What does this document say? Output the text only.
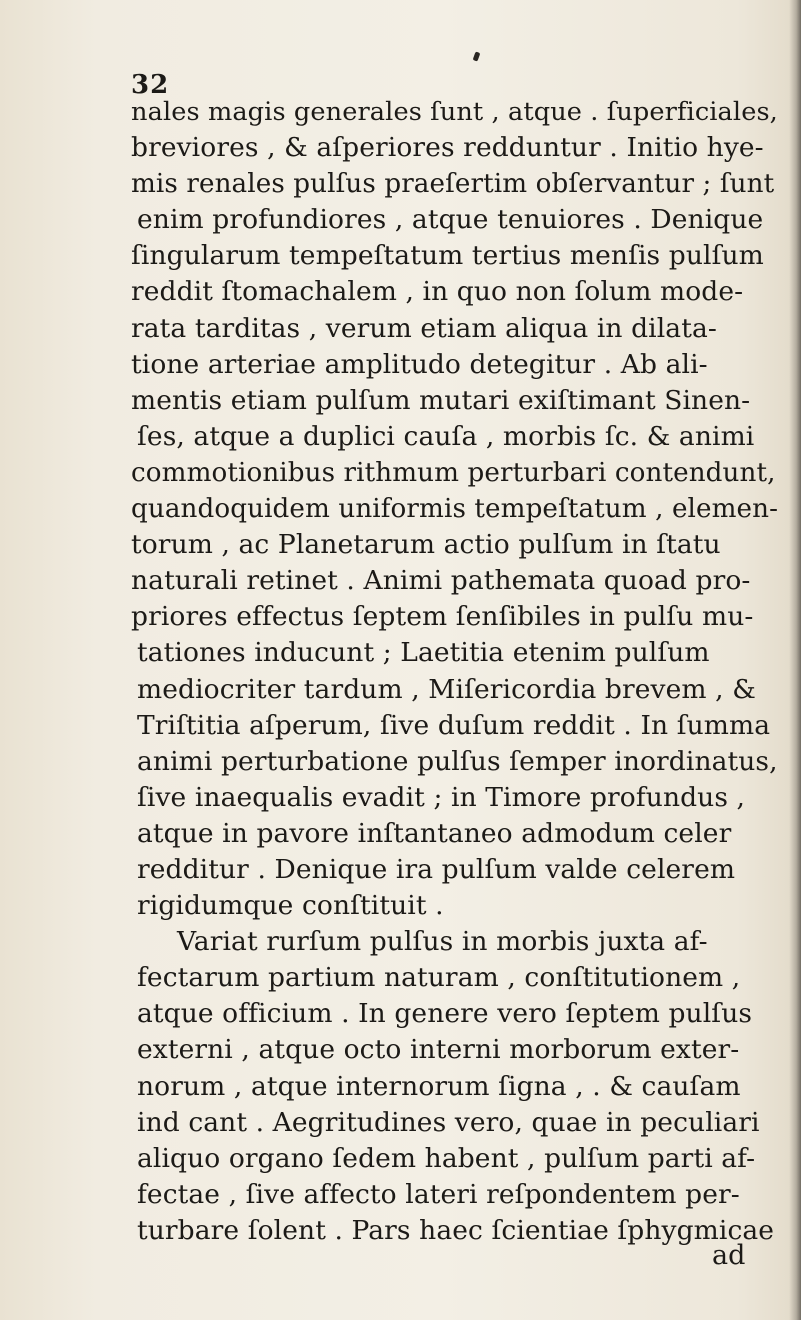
32
nales magis generales ſunt , atque . ſuperficiales,
breviores , & aſperiores redduntur . Initio hye-
mis renales pulſus praeſertim obſervantur ; ſunt
enim profundiores , atque tenuiores . Denique
ſingularum tempeſtatum tertius menſis pulſum
reddit ſtomachalem , in quo non ſolum mode-
rata tarditas , verum etiam aliqua in dilata-
tione arteriae amplitudo detegitur . Ab ali-
mentis etiam pulſum mutari exiſtimant Sinen-
ſes, atque a duplici cauſa , morbis ſc. & animi
commotionibus rithmum perturbari contendunt,
quandoquidem uniformis tempeſtatum , elemen-
torum , ac Planetarum actio pulſum in ſtatu
naturali retinet . Animi pathemata quoad pro-
priores effectus ſeptem ſenſibiles in pulſu mu-
tationes inducunt ; Laetitia etenim pulſum
mediocriter tardum , Miſericordia brevem , &
Triſtitia aſperum, ſive duſum reddit . In ſumma
animi perturbatione pulſus ſemper inordinatus,
ſive inaequalis evadit ; in Timore profundus ,
atque in pavore inſtantaneo admodum celer
redditur . Denique ira pulſum valde celerem
rigidumque conſtituit .
Variat rurſum pulſus in morbis juxta af-
fectarum partium naturam , conſtitutionem ,
atque officium . In genere vero ſeptem pulſus
externi , atque octo interni morborum exter-
norum , atque internorum ſigna , . & cauſam
ind cant . Aegritudines vero, quae in peculiari
aliquo organo ſedem habent , pulſum parti af-
fectae , ſive affecto lateri reſpondentem per-
turbare ſolent . Pars haec ſcientiae ſphygmicae
ad
